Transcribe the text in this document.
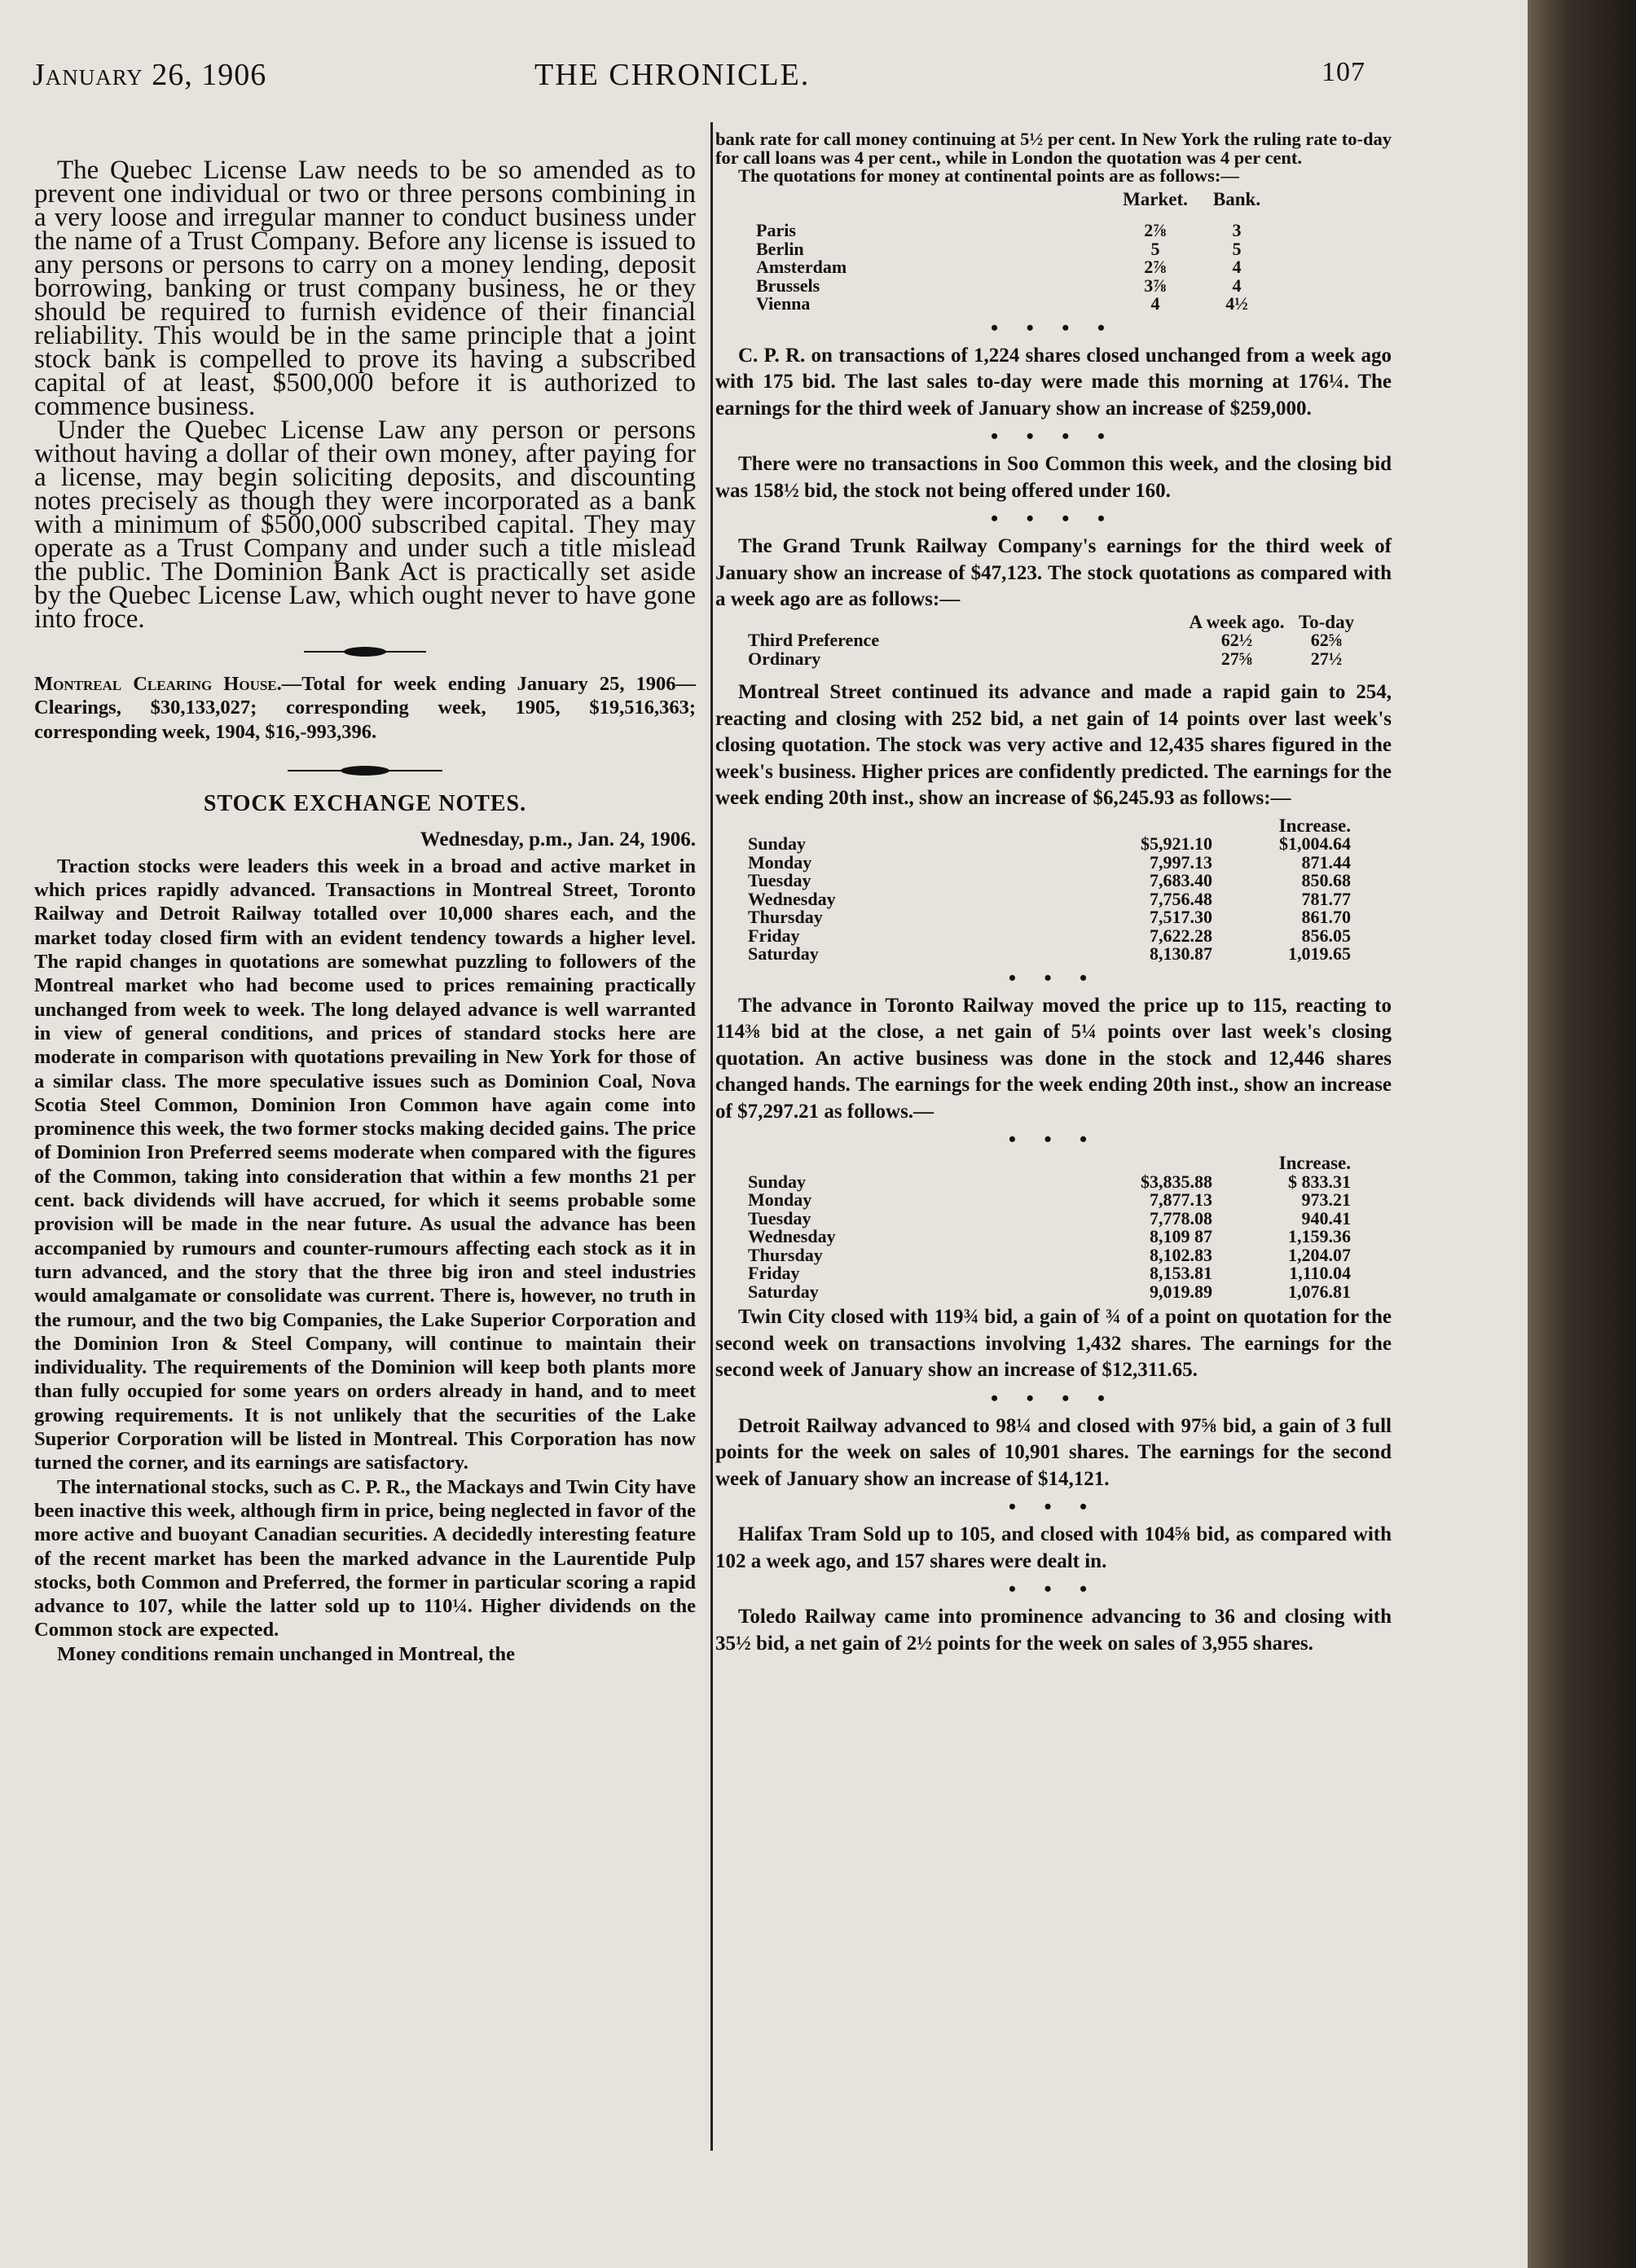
January 26, 1906	THE CHRONICLE.	107

The Quebec License Law needs to be so amended as to prevent one individual or two or three persons combining in a very loose and irregular manner to conduct business under the name of a Trust Company. Before any license is issued to any persons or persons to carry on a money lending, deposit borrowing, banking or trust company business, he or they should be required to furnish evidence of their financial reliability. This would be in the same principle that a joint stock bank is compelled to prove its having a subscribed capital of at least, $500,000 before it is authorized to commence business.

Under the Quebec License Law any person or persons without having a dollar of their own money, after paying for a license, may begin soliciting deposits, and discounting notes precisely as though they were incorporated as a bank with a minimum of $500,000 subscribed capital. They may operate as a Trust Company and under such a title mislead the public. The Dominion Bank Act is practically set aside by the Quebec License Law, which ought never to have gone into froce.

Montreal Clearing House.—Total for week ending January 25, 1906—Clearings, $30,133,027; corresponding week, 1905, $19,516,363; corresponding week, 1904, $16,-993,396.

STOCK EXCHANGE NOTES.
Wednesday, p.m., Jan. 24, 1906.

Traction stocks were leaders this week in a broad and active market in which prices rapidly advanced. Transactions in Montreal Street, Toronto Railway and Detroit Railway totalled over 10,000 shares each, and the market today closed firm with an evident tendency towards a higher level. The rapid changes in quotations are somewhat puzzling to followers of the Montreal market who had become used to prices remaining practically unchanged from week to week. The long delayed advance is well warranted in view of general conditions, and prices of standard stocks here are moderate in comparison with quotations prevailing in New York for those of a similar class. The more speculative issues such as Dominion Coal, Nova Scotia Steel Common, Dominion Iron Common have again come into prominence this week, the two former stocks making decided gains. The price of Dominion Iron Preferred seems moderate when compared with the figures of the Common, taking into consideration that within a few months 21 per cent. back dividends will have accrued, for which it seems probable some provision will be made in the near future. As usual the advance has been accompanied by rumours and counter-rumours affecting each stock as it in turn advanced, and the story that the three big iron and steel industries would amalgamate or consolidate was current. There is, however, no truth in the rumour, and the two big Companies, the Lake Superior Corporation and the Dominion Iron & Steel Company, will continue to maintain their individuality. The requirements of the Dominion will keep both plants more than fully occupied for some years on orders already in hand, and to meet growing requirements. It is not unlikely that the securities of the Lake Superior Corporation will be listed in Montreal. This Corporation has now turned the corner, and its earnings are satisfactory.

The international stocks, such as C. P. R., the Mackays and Twin City have been inactive this week, although firm in price, being neglected in favor of the more active and buoyant Canadian securities. A decidedly interesting feature of the recent market has been the marked advance in the Laurentide Pulp stocks, both Common and Preferred, the former in particular scoring a rapid advance to 107, while the latter sold up to 110¼. Higher dividends on the Common stock are expected.

Money conditions remain unchanged in Montreal, the

bank rate for call money continuing at 5½ per cent. In New York the ruling rate to-day for call loans was 4 per cent., while in London the quotation was 4 per cent.

The quotations for money at continental points are as follows:—

	Market.	Bank.

Paris	2⅞	3
Berlin	5	5
Amsterdam	2⅞	4
Brussels	3⅞	4
Vienna	4	4½
• • • •

C. P. R. on transactions of 1,224 shares closed unchanged from a week ago with 175 bid. The last sales to-day were made this morning at 176¼. The earnings for the third week of January show an increase of $259,000.

• • • •

There were no transactions in Soo Common this week, and the closing bid was 158½ bid, the stock not being offered under 160.

• • • •

The Grand Trunk Railway Company's earnings for the third week of January show an increase of $47,123. The stock quotations as compared with a week ago are as follows:—

	A week ago.	To-day
Third Preference	62½	62⅝
Ordinary	27⅝	27½

Montreal Street continued its advance and made a rapid gain to 254, reacting and closing with 252 bid, a net gain of 14 points over last week's closing quotation. The stock was very active and 12,435 shares figured in the week's business. Higher prices are confidently predicted. The earnings for the week ending 20th inst., show an increase of $6,245.93 as follows:—

		Increase.
Sunday	$5,921.10	$1,004.64
Monday	7,997.13	871.44
Tuesday	7,683.40	850.68
Wednesday	7,756.48	781.77
Thursday	7,517.30	861.70
Friday	7,622.28	856.05
Saturday	8,130.87	1,019.65
• • •

The advance in Toronto Railway moved the price up to 115, reacting to 114⅜ bid at the close, a net gain of 5¼ points over last week's closing quotation. An active business was done in the stock and 12,446 shares changed hands. The earnings for the week ending 20th inst., show an increase of $7,297.21 as follows.—

• • •
		Increase.
Sunday	$3,835.88	$ 833.31
Monday	7,877.13	973.21
Tuesday	7,778.08	940.41
Wednesday	8,109 87	1,159.36
Thursday	8,102.83	1,204.07
Friday	8,153.81	1,110.04
Saturday	9,019.89	1,076.81

Twin City closed with 119¾ bid, a gain of ¾ of a point on quotation for the second week on transactions involving 1,432 shares. The earnings for the second week of January show an increase of $12,311.65.

• • • •

Detroit Railway advanced to 98¼ and closed with 97⅝ bid, a gain of 3 full points for the week on sales of 10,901 shares. The earnings for the second week of January show an increase of $14,121.

• • •

Halifax Tram Sold up to 105, and closed with 104⅝ bid, as compared with 102 a week ago, and 157 shares were dealt in.

• • •

Toledo Railway came into prominence advancing to 36 and closing with 35½ bid, a net gain of 2½ points for the week on sales of 3,955 shares.
